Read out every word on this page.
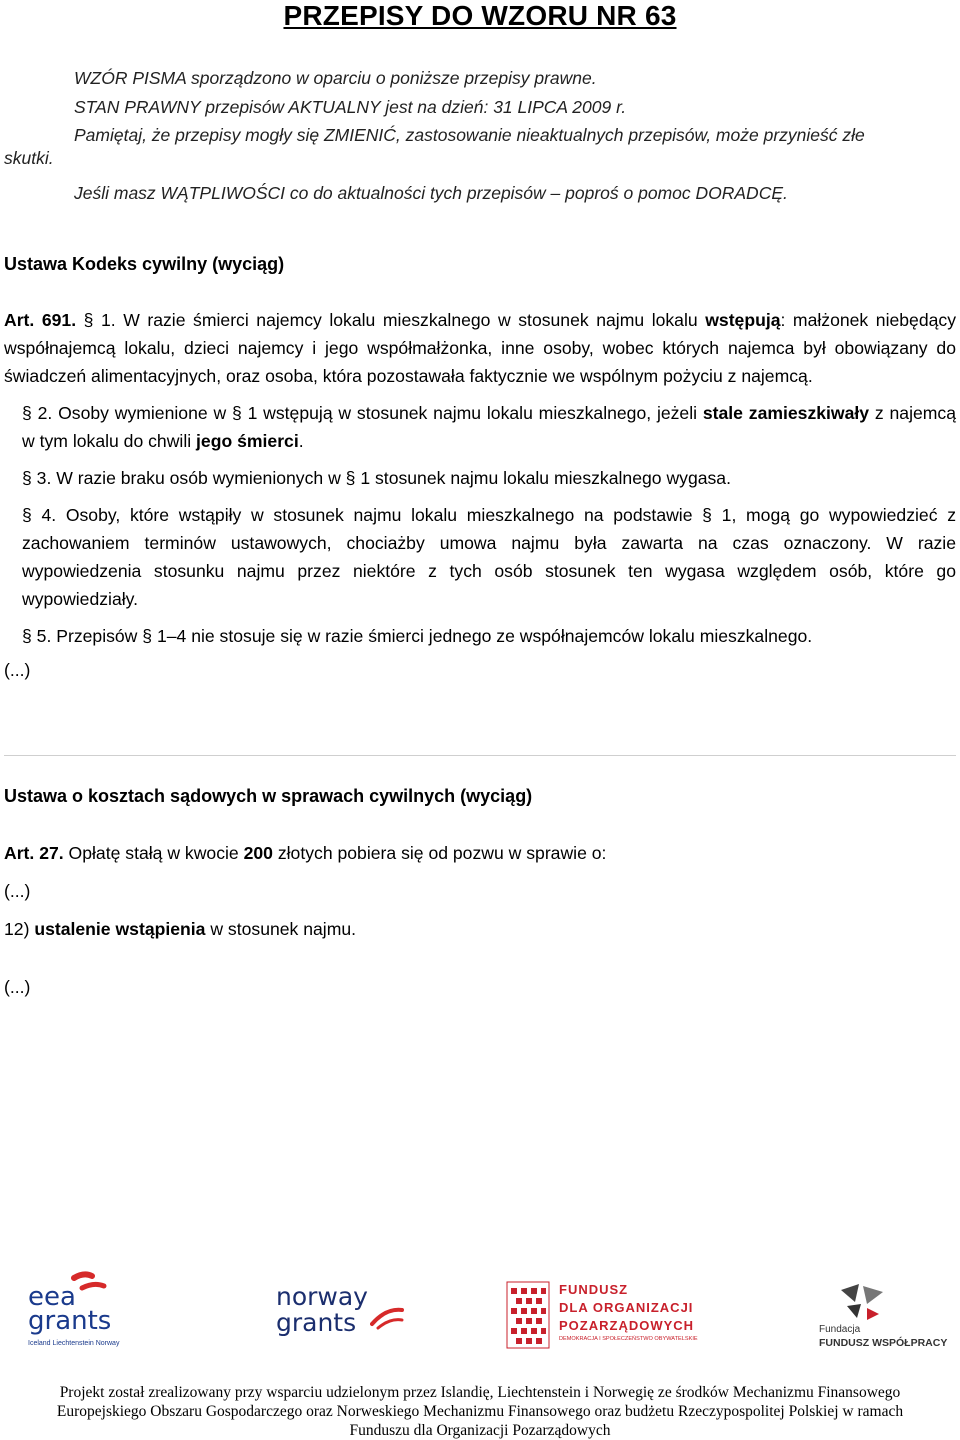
PRZEPISY DO WZORU NR 63

WZÓR PISMA sporządzono w oparciu o poniższe przepisy prawne.

STAN PRAWNY przepisów AKTUALNY jest na dzień: 31 LIPCA 2009 r.

Pamiętaj, że przepisy mogły się ZMIENIĆ, zastosowanie nieaktualnych przepisów, może przynieść złe

skutki.

Jeśli masz WĄTPLIWOŚCI co do aktualności tych przepisów – poproś o pomoc DORADCĘ.

Ustawa Kodeks cywilny (wyciąg)

Art. 691. § 1. W razie śmierci najemcy lokalu mieszkalnego w stosunek najmu lokalu wstępują: małżonek niebędący współnajemcą lokalu, dzieci najemcy i jego współmałżonka, inne osoby, wobec których najemca był obowiązany do świadczeń alimentacyjnych, oraz osoba, która pozostawała faktycznie we wspólnym pożyciu z najemcą.

§ 2. Osoby wymienione w § 1 wstępują w stosunek najmu lokalu mieszkalnego, jeżeli stale zamieszkiwały z najemcą w tym lokalu do chwili jego śmierci.

§ 3. W razie braku osób wymienionych w § 1 stosunek najmu lokalu mieszkalnego wygasa.

§ 4. Osoby, które wstąpiły w stosunek najmu lokalu mieszkalnego na podstawie § 1, mogą go wypowiedzieć z zachowaniem terminów ustawowych, chociażby umowa najmu była zawarta na czas oznaczony. W razie wypowiedzenia stosunku najmu przez niektóre z tych osób stosunek ten wygasa względem osób, które go wypowiedziały.

§ 5. Przepisów § 1–4 nie stosuje się w razie śmierci jednego ze współnajemców lokalu mieszkalnego.

(...)

Ustawa o kosztach sądowych w sprawach cywilnych (wyciąg)

Art. 27. Opłatę stałą w kwocie 200 złotych pobiera się od pozwu w sprawie o:

(...)

12) ustalenie wstąpienia w stosunek najmu.

(...)

eea
grants
Iceland Liechtenstein Norway
norway
grants
FUNDUSZ
DLA ORGANIZACJI
POZARZĄDOWYCH
DEMOKRACJA I SPOŁECZEŃSTWO OBYWATELSKIE
Fundacja
FUNDUSZ WSPÓŁPRACY

Projekt został zrealizowany przy wsparciu udzielonym przez Islandię, Liechtenstein i Norwegię ze środków Mechanizmu Finansowego

Europejskiego Obszaru Gospodarczego oraz Norweskiego Mechanizmu Finansowego oraz budżetu Rzeczypospolitej Polskiej w ramach

Funduszu dla Organizacji Pozarządowych
